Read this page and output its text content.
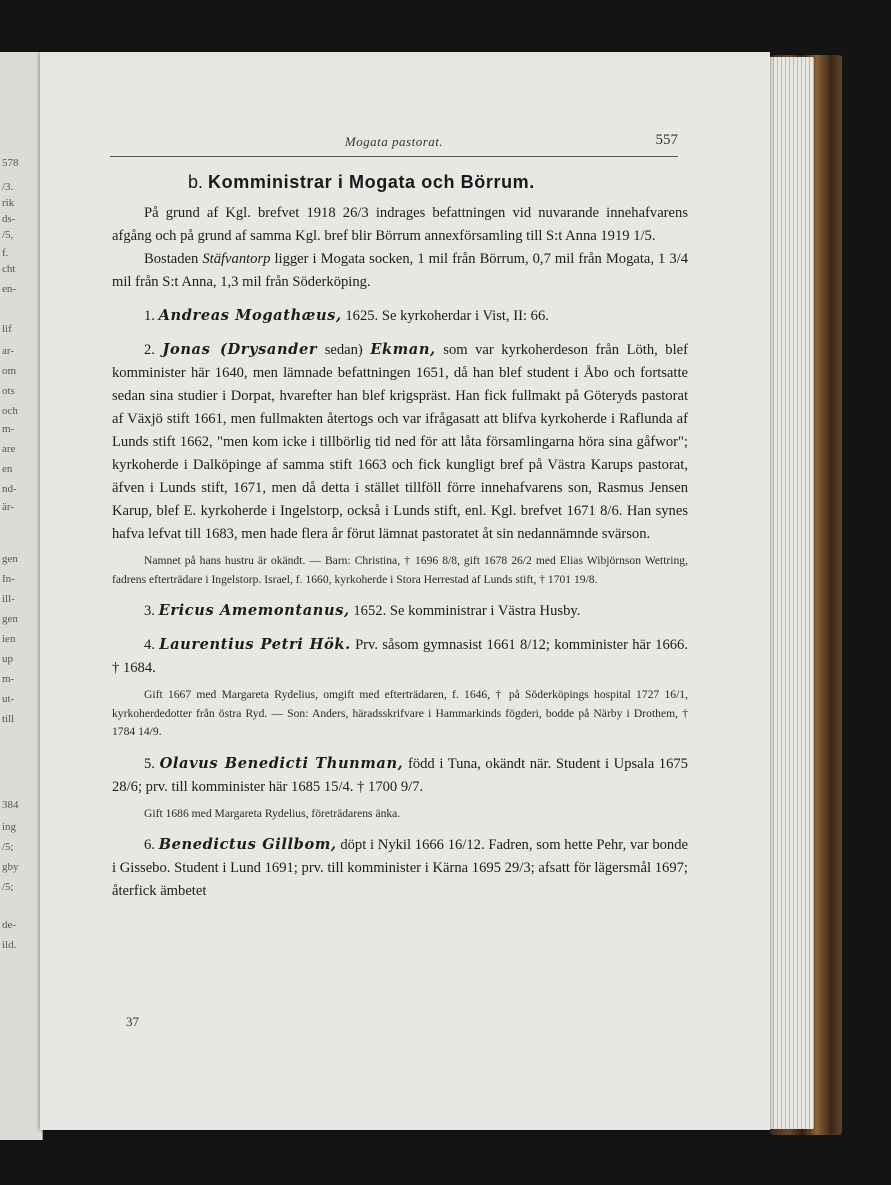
578
/3.
rik
ds-
/5,
f.
cht
en-
lif
ar-
om
ots
och
m-
are
en
nd-
är-
gen
In-
ill-
gen
ien
up
m-
ut-
till
384
ing
/5;
gby
/5;
de-
ild.
Mogata pastorat.	557
b. Komministrar i Mogata och Börrum.

På grund af Kgl. brefvet 1918 26/3 indrages befattningen vid nuvarande innehafvarens afgång och på grund af samma Kgl. bref blir Börrum annexförsamling till S:t Anna 1919 1/5.

Bostaden Stäfvantorp ligger i Mogata socken, 1 mil från Börrum, 0,7 mil från Mogata, 1 3/4 mil från S:t Anna, 1,3 mil från Söderköping.

1. Andreas Mogathæus, 1625. Se kyrkoherdar i Vist, II: 66.

2. Jonas (Drysander sedan) Ekman, som var kyrkoherdeson från Löth, blef komminister här 1640, men lämnade befattningen 1651, då han blef student i Åbo och fortsatte sedan sina studier i Dorpat, hvarefter han blef krigspräst. Han fick fullmakt på Göteryds pastorat af Växjö stift 1661, men fullmakten återtogs och var ifrågasatt att blifva kyrkoherde i Raflunda af Lunds stift 1662, "men kom icke i tillbörlig tid ned för att låta församlingarna höra sina gåfwor"; kyrkoherde i Dalköpinge af samma stift 1663 och fick kungligt bref på Västra Karups pastorat, äfven i Lunds stift, 1671, men då detta i stället tillföll förre innehafvarens son, Rasmus Jensen Karup, blef E. kyrkoherde i Ingelstorp, också i Lunds stift, enl. Kgl. brefvet 1671 8/6. Han synes hafva lefvat till 1683, men hade flera år förut lämnat pastoratet åt sin nedannämnde svärson.

Namnet på hans hustru är okändt. — Barn: Christina, † 1696 8/8, gift 1678 26/2 med Elias Wibjörnson Wettring, fadrens efterträdare i Ingelstorp. Israel, f. 1660, kyrkoherde i Stora Herrestad af Lunds stift, † 1701 19/8.

3. Ericus Amemontanus, 1652. Se komministrar i Västra Husby.

4. Laurentius Petri Hök. Prv. såsom gymnasist 1661 8/12; komminister här 1666. † 1684.

Gift 1667 med Margareta Rydelius, omgift med efterträdaren, f. 1646, † på Söderköpings hospital 1727 16/1, kyrkoherdedotter från östra Ryd. — Son: Anders, häradsskrifvare i Hammarkinds fögderi, bodde på Närby i Drothem, † 1784 14/9.

5. Olavus Benedicti Thunman, född i Tuna, okändt när. Student i Upsala 1675 28/6; prv. till komminister här 1685 15/4. † 1700 9/7.

Gift 1686 med Margareta Rydelius, företrädarens änka.

6. Benedictus Gillbom, döpt i Nykil 1666 16/12. Fadren, som hette Pehr, var bonde i Gissebo. Student i Lund 1691; prv. till komminister i Kärna 1695 29/3; afsatt för lägersmål 1697; återfick ämbetet

37
